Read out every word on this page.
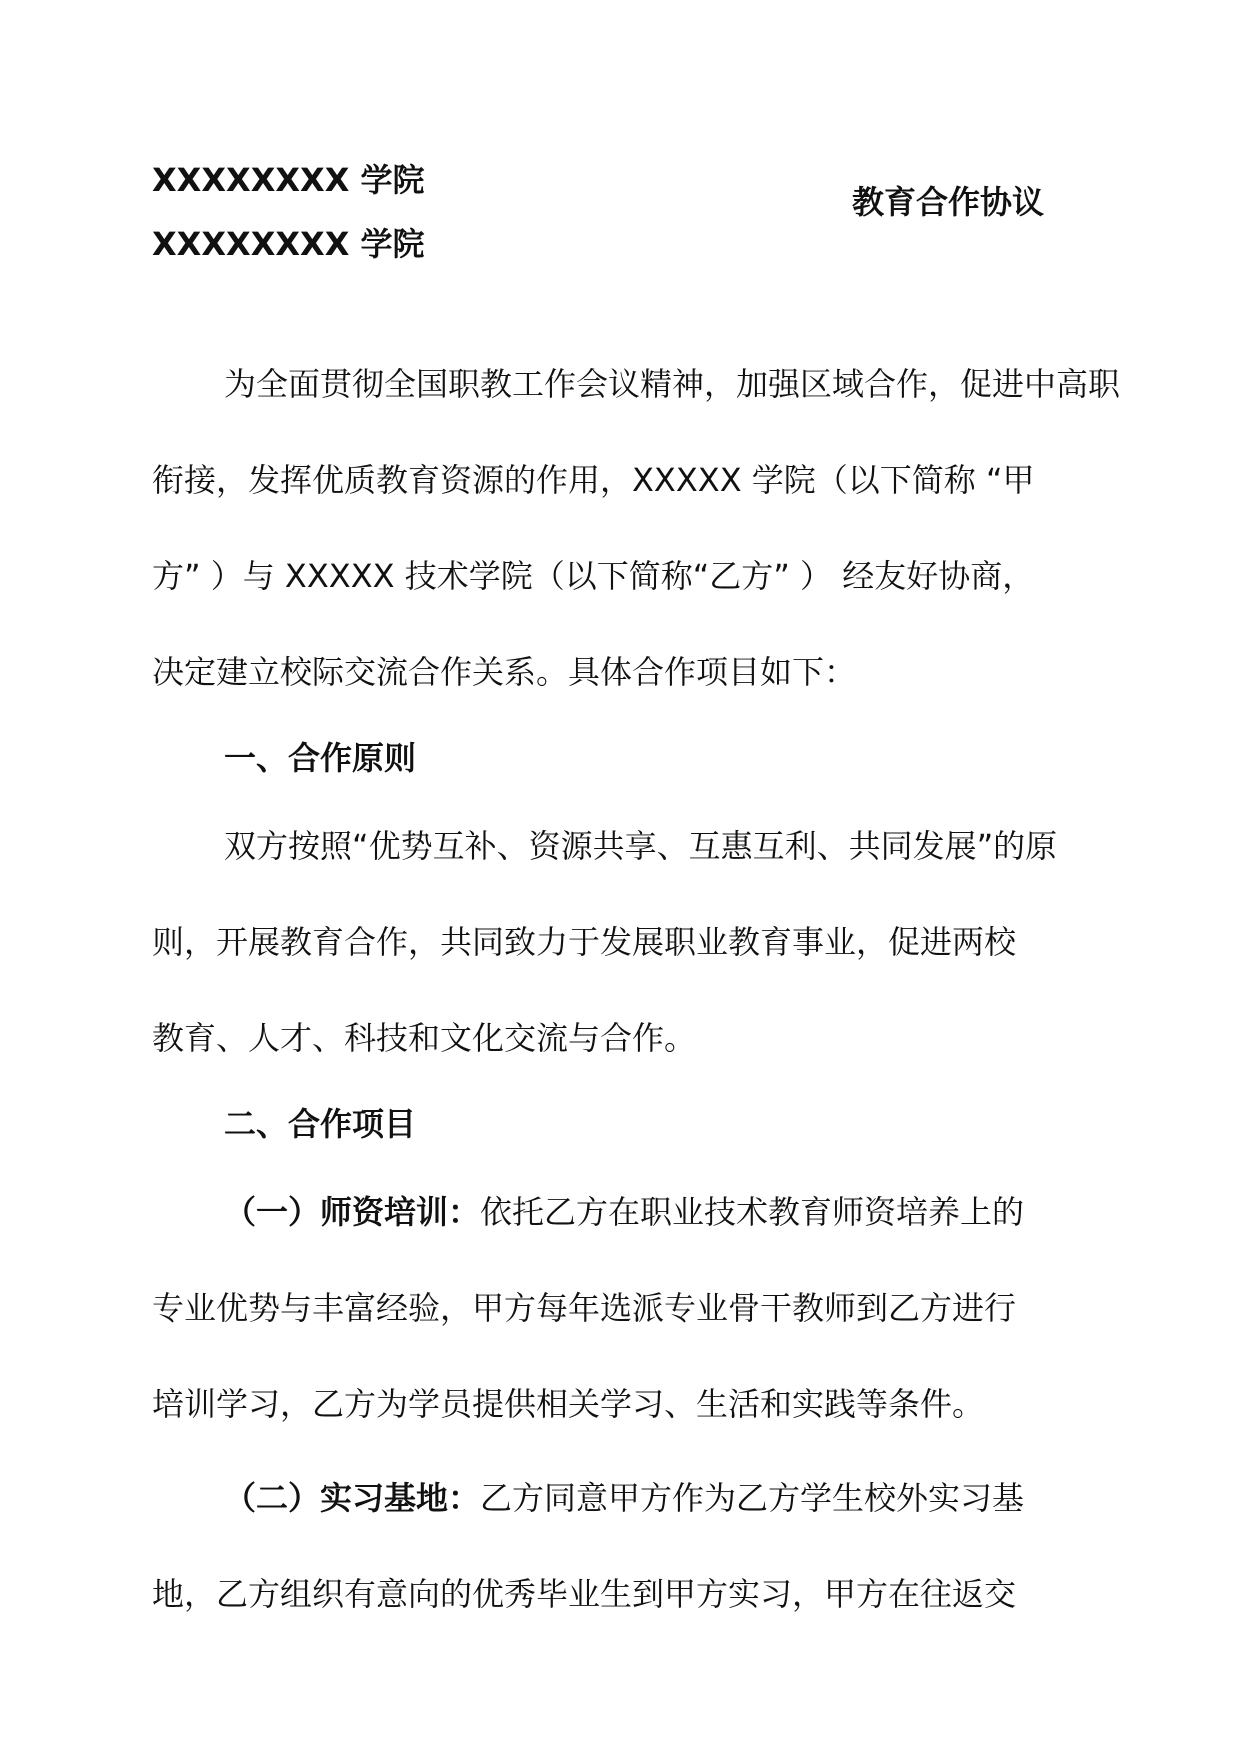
XXXXXXXX 学院
XXXXXXXX 学院
教育合作协议
为全面贯彻全国职教工作会议精神，加强区域合作，促进中高职
衔接，发挥优质教育资源的作用，XXXXX 学院（以下简称 “甲
方” ）与 XXXXX 技术学院（以下简称“乙方” ） 经友好协商，
决定建立校际交流合作关系。具体合作项目如下：
一、合作原则
双方按照“优势互补、资源共享、互惠互利、共同发展”的原
则，开展教育合作，共同致力于发展职业教育事业，促进两校
教育、人才、科技和文化交流与合作。
二、合作项目
（一）师资培训：依托乙方在职业技术教育师资培养上的
专业优势与丰富经验，甲方每年选派专业骨干教师到乙方进行
培训学习，乙方为学员提供相关学习、生活和实践等条件。
（二）实习基地：乙方同意甲方作为乙方学生校外实习基
地，乙方组织有意向的优秀毕业生到甲方实习，甲方在往返交
